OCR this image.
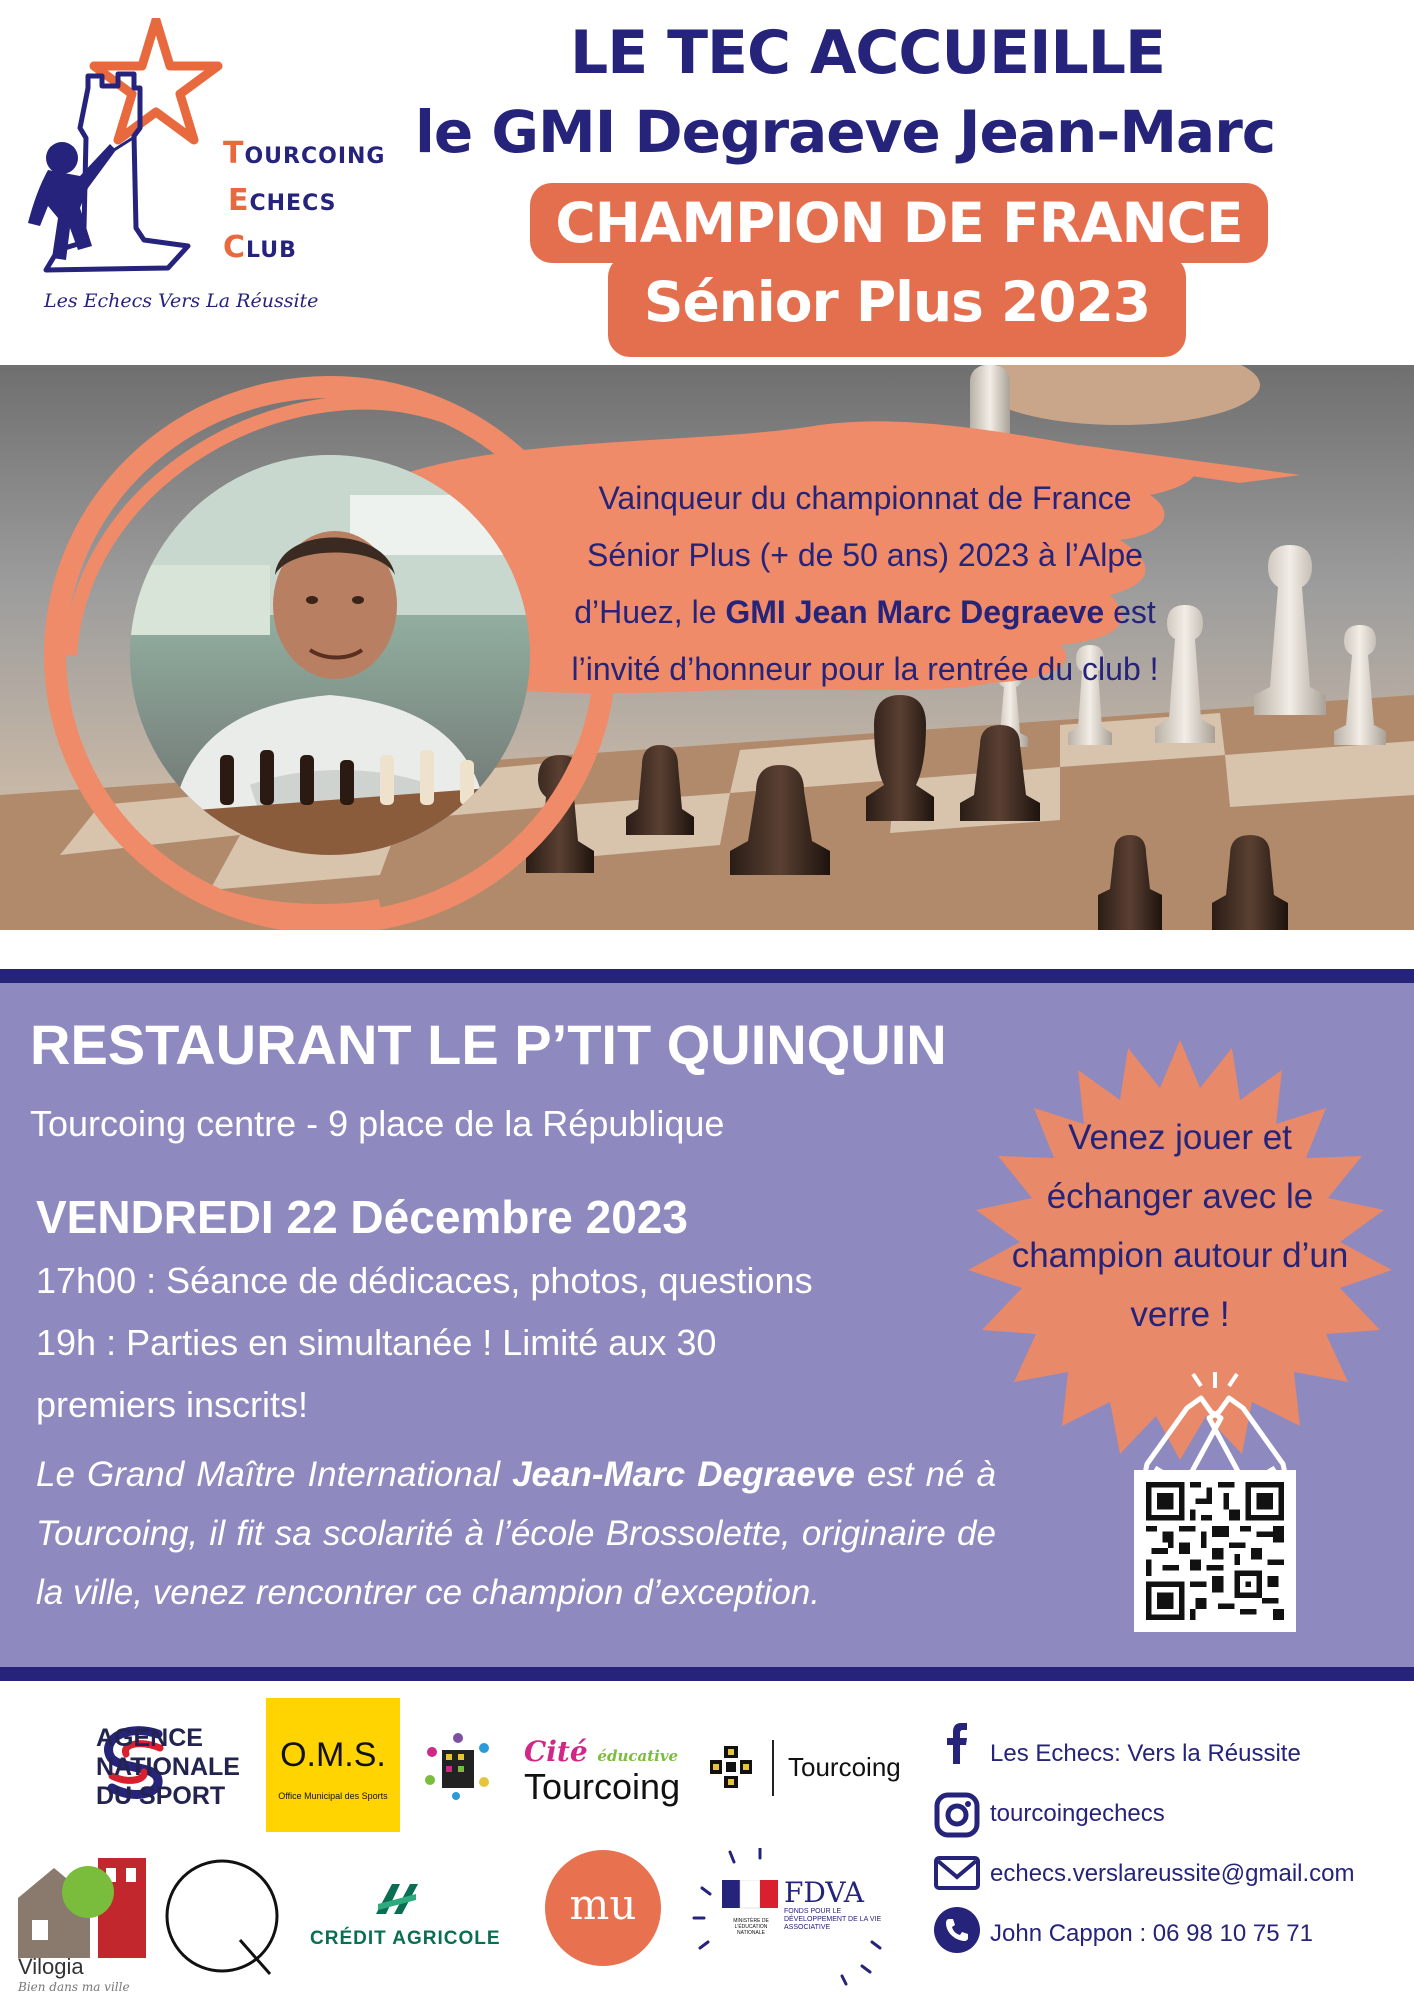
TOURCOING
ECHECS
CLUB
Les Echecs Vers La Réussite
LE TEC ACCUEILLE
le GMI Degraeve Jean-Marc
Sénior Plus 2023
CHAMPION DE FRANCE
Vainqueur du championnat de France Sénior Plus (+ de 50 ans) 2023 à l’Alpe d’Huez, le GMI Jean Marc Degraeve est l’invité d’honneur pour la rentrée du club !
RESTAURANT LE P’TIT QUINQUIN
Tourcoing centre - 9 place de la République
VENDREDI 22 Décembre 2023
17h00 : Séance de dédicaces, photos, questions
19h : Parties en simultanée ! Limité aux 30
premiers inscrits!
Le Grand Maître International Jean-Marc Degraeve est né à Tourcoing, il fit sa scolarité à l’école Brossolette, originaire de la ville, venez rencontrer ce champion d’exception.
Venez jouer et échanger avec le champion autour d’un verre !
AGENCE
NATIONALE
DU SPORT
O.M.S.
Office Municipal des Sports
Cité éducative
Tourcoing	Tourcoing	Les Echecs: Vers la Réussite
tourcoingechecs
echecs.verslareussite@gmail.com
John Cappon : 06 98 10 75 71
Vilogia
Bien dans ma ville
CRÉDIT AGRICOLE
mu	MINISTÈRE DE L'ÉDUCATION NATIONALE
FDVA
FONDS POUR LE DÉVELOPPEMENT DE LA VIE ASSOCIATIVE
